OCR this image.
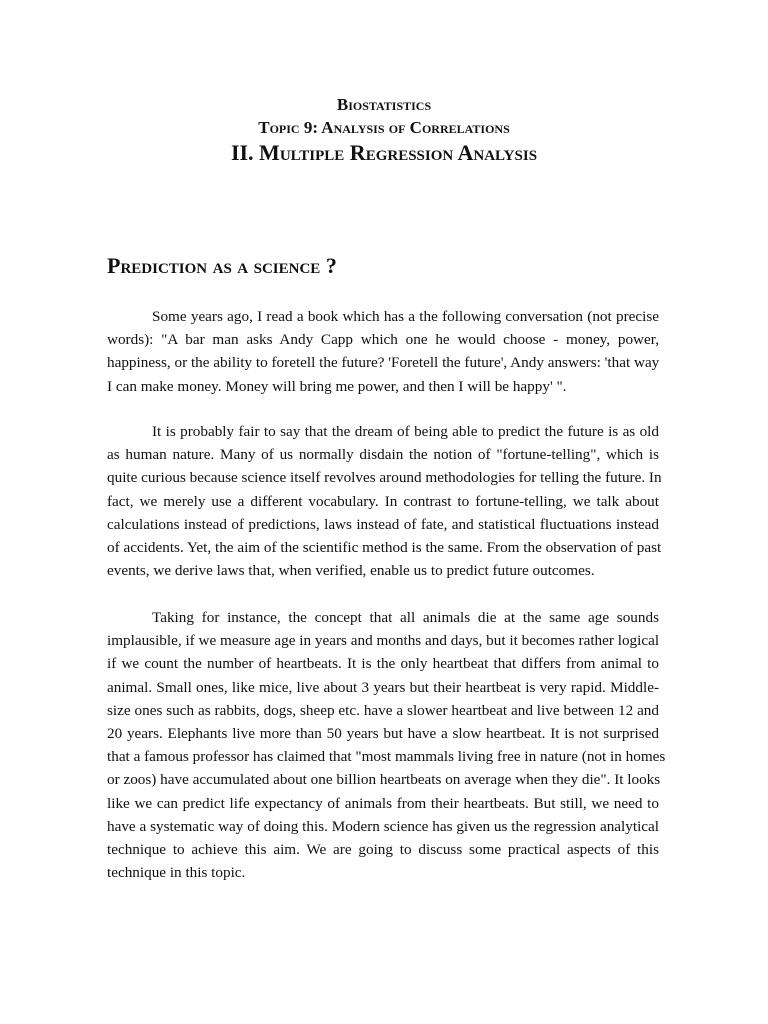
Biostatistics
Topic 9: Analysis of Correlations
II. Multiple Regression Analysis
Prediction as a science ?
Some years ago, I read a book which has a the following conversation (not precise
words): "A bar man asks Andy Capp which one he would choose - money, power,
happiness, or the ability to foretell the future? 'Foretell the future', Andy answers: 'that way
I can make money. Money will bring me power, and then I will be happy' ".
It is probably fair to say that the dream of being able to predict the future is as old
as human nature. Many of us normally disdain the notion of "fortune-telling", which is
quite curious because science itself revolves around methodologies for telling the future. In
fact, we merely use a different vocabulary. In contrast to fortune-telling, we talk about
calculations instead of predictions, laws instead of fate, and statistical fluctuations instead
of accidents. Yet, the aim of the scientific method is the same. From the observation of past
events, we derive laws that, when verified, enable us to predict future outcomes.
Taking for instance, the concept that all animals die at the same age sounds
implausible, if we measure age in years and months and days, but it becomes rather logical
if we count the number of heartbeats. It is the only heartbeat that differs from animal to
animal. Small ones, like mice, live about 3 years but their heartbeat is very rapid. Middle-
size ones such as rabbits, dogs, sheep etc. have a slower heartbeat and live between 12 and
20 years. Elephants live more than 50 years but have a slow heartbeat. It is not surprised
that a famous professor has claimed that "most mammals living free in nature (not in homes
or zoos) have accumulated about one billion heartbeats on average when they die". It looks
like we can predict life expectancy of animals from their heartbeats. But still, we need to
have a systematic way of doing this. Modern science has given us the regression analytical
technique to achieve this aim. We are going to discuss some practical aspects of this
technique in this topic.
